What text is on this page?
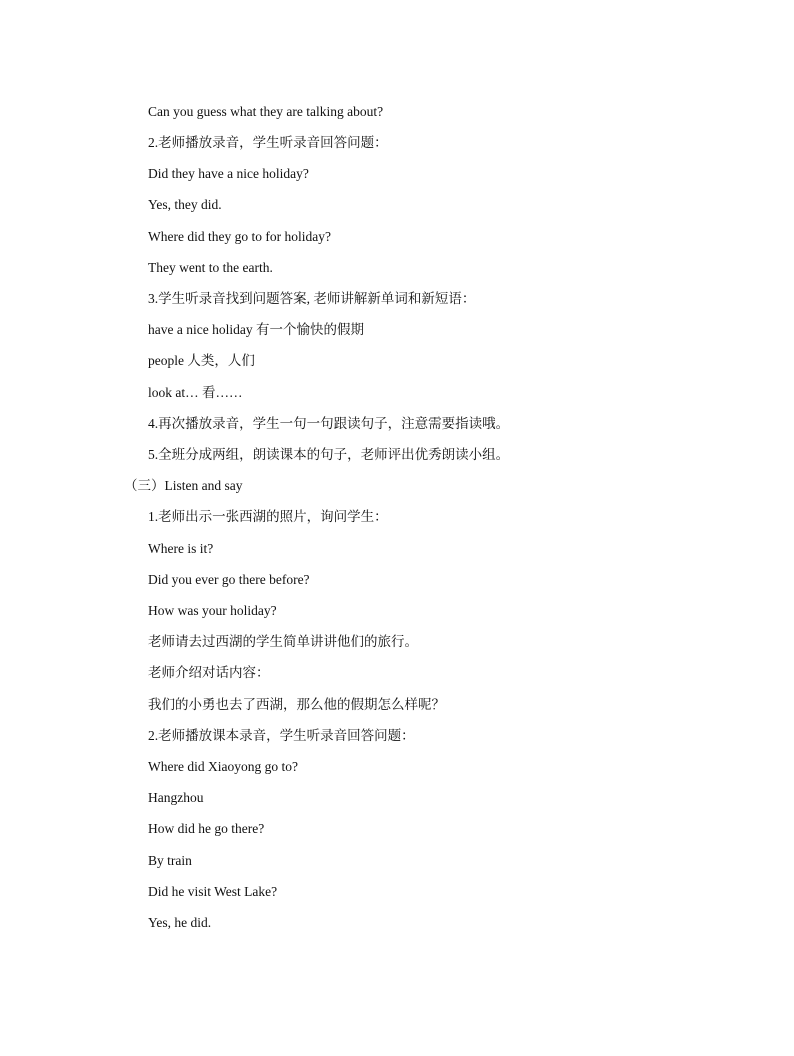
Can you guess what they are talking about?
2.老师播放录音，学生听录音回答问题：
Did they have a nice holiday?
Yes, they did.
Where did they go to for holiday?
They went to the earth.
3.学生听录音找到问题答案, 老师讲解新单词和新短语：
have a nice holiday 有一个愉快的假期
people 人类，人们
look at… 看……
4.再次播放录音，学生一句一句跟读句子，注意需要指读哦。
5.全班分成两组，朗读课本的句子，老师评出优秀朗读小组。
（三）Listen and say
1.老师出示一张西湖的照片，询问学生：
Where is it?
Did you ever go there before?
How was your holiday?
老师请去过西湖的学生简单讲讲他们的旅行。
老师介绍对话内容：
我们的小勇也去了西湖，那么他的假期怎么样呢？
2.老师播放课本录音，学生听录音回答问题：
Where did Xiaoyong go to?
Hangzhou
How did he go there?
By train
Did he visit West Lake?
Yes, he did.
